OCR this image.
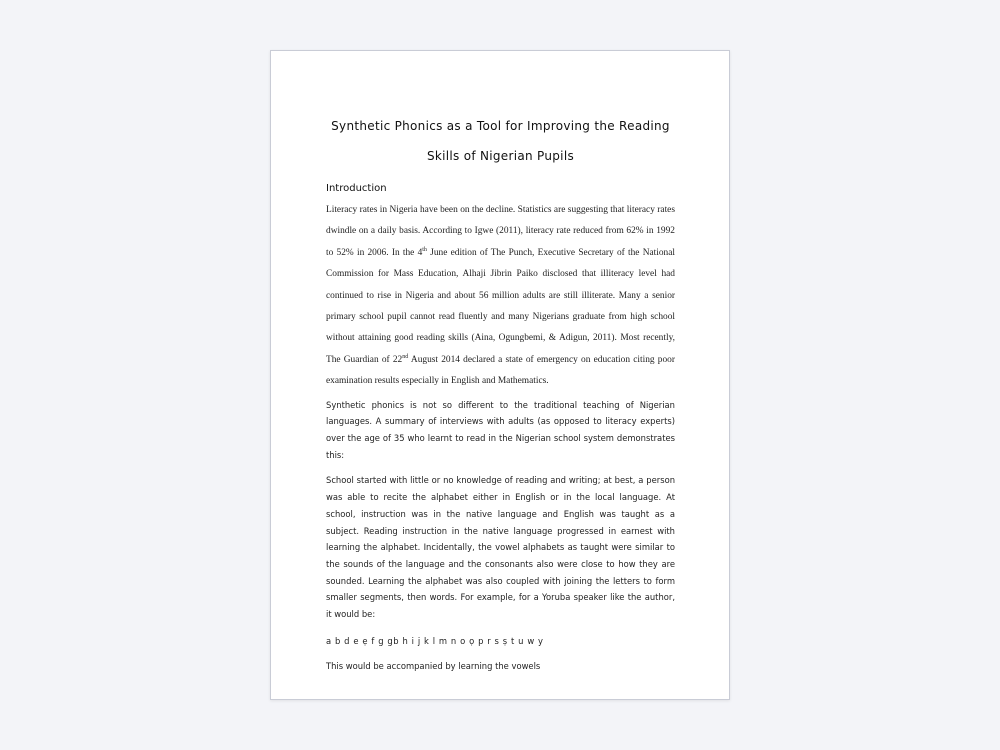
Synthetic Phonics as a Tool for Improving the Reading

Skills of Nigerian Pupils

Introduction

Literacy rates in Nigeria have been on the decline. Statistics are suggesting that literacy rates dwindle on a daily basis. According to Igwe (2011), literacy rate reduced from 62% in 1992 to 52% in 2006. In the 4th June edition of The Punch, Executive Secretary of the National Commission for Mass Education, Alhaji Jibrin Paiko disclosed that illiteracy level had continued to rise in Nigeria and about 56 million adults are still illiterate. Many a senior primary school pupil cannot read fluently and many Nigerians graduate from high school without attaining good reading skills (Aina, Ogungbemi, & Adigun, 2011). Most recently, The Guardian of 22nd August 2014 declared a state of emergency on education citing poor examination results especially in English and Mathematics.

Synthetic phonics is not so different to the traditional teaching of Nigerian languages. A summary of interviews with adults (as opposed to literacy experts) over the age of 35 who learnt to read in the Nigerian school system demonstrates this:

School started with little or no knowledge of reading and writing; at best, a person was able to recite the alphabet either in English or in the local language. At school, instruction was in the native language and English was taught as a subject. Reading instruction in the native language progressed in earnest with learning the alphabet. Incidentally, the vowel alphabets as taught were similar to the sounds of the language and the consonants also were close to how they are sounded. Learning the alphabet was also coupled with joining the letters to form smaller segments, then words. For example, for a Yoruba speaker like the author, it would be:

a b d e ẹ f g gb h i j k l m n o ọ p r s ṣ t u w y

This would be accompanied by learning the vowels
